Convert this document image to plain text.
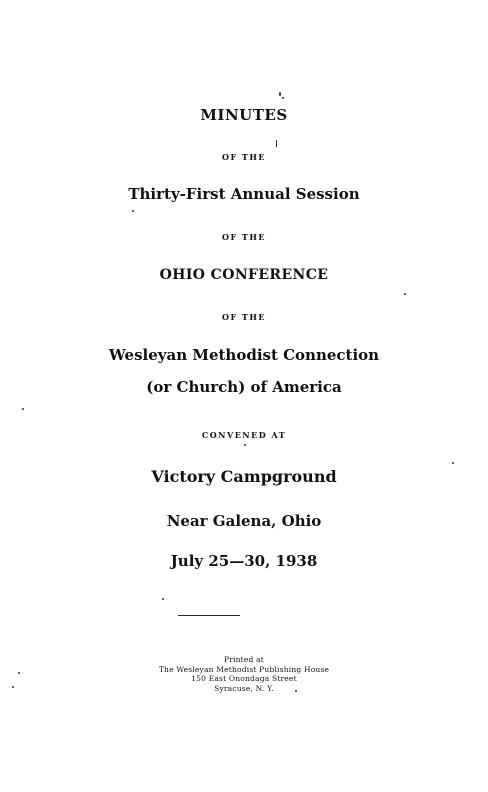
MINUTES
OF THE
Thirty-First Annual Session
OF THE
OHIO CONFERENCE
OF THE
Wesleyan Methodist Connection
(or Church) of America
CONVENED AT
Victory Campground
Near Galena, Ohio
July 25—30, 1938
Printed at
The Wesleyan Methodist Publishing House
150 East Onondaga Street
Syracuse, N. Y.
